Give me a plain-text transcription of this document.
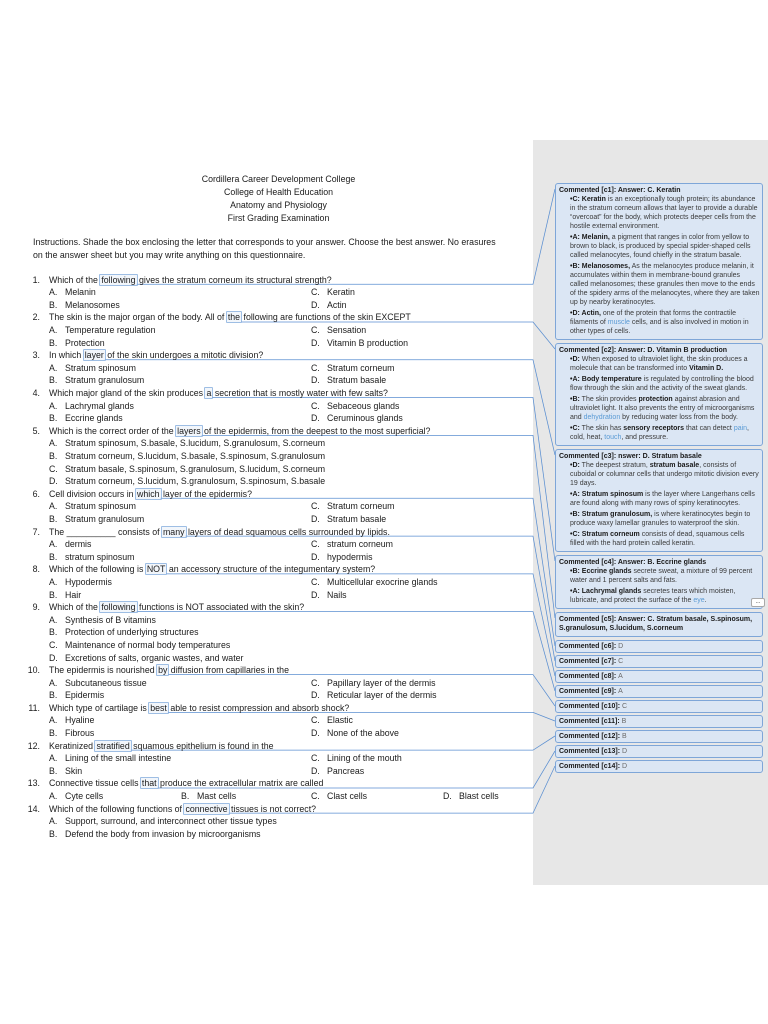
Cordillera Career Development College
College of Health Education
Anatomy and Physiology
First Grading Examination
Instructions. Shade the box enclosing the letter that corresponds to your answer. Choose the best answer. No erasures
on the answer sheet but you may write anything on this questionnaire.
1. Which of the following gives the stratum corneum its structural strength?
A. Melanin
B. Melanosomes
C. Keratin
D. Actin
2. The skin is the major organ of the body. All of the following are functions of the skin EXCEPT
A. Temperature regulation
B. Protection
C. Sensation
D. Vitamin B production
3. In which layer of the skin undergoes a mitotic division?
A. Stratum spinosum
B. Stratum granulosum
C. Stratum corneum
D. Stratum basale
4. Which major gland of the skin produces a secretion that is mostly water with few salts?
A. Lachrymal glands
B. Eccrine glands
C. Sebaceous glands
D. Ceruminous glands
5. Which is the correct order of the layers of the epidermis, from the deepest to the most superficial?
A. Stratum spinosum, S.basale, S.lucidum, S.granulosum, S.corneum
B. Stratum corneum, S.lucidum, S.basale, S.spinosum, S.granulosum
C. Stratum basale, S.spinosum, S.granulosum, S.lucidum, S.corneum
D. Stratum corneum, S.lucidum, S.granulosum, S.spinosum, S.basale
6. Cell division occurs in which layer of the epidermis?
A. Stratum spinosum
B. Stratum granulosum
C. Stratum corneum
D. Stratum basale
7. The __________ consists of many layers of dead squamous cells surrounded by lipids.
A. dermis
B. stratum spinosum
C. stratum corneum
D. hypodermis
8. Which of the following is NOT an accessory structure of the integumentary system?
A. Hypodermis
B. Hair
C. Multicellular exocrine glands
D. Nails
9. Which of the following functions is NOT associated with the skin?
A. Synthesis of B vitamins
B. Protection of underlying structures
C. Maintenance of normal body temperatures
D. Excretions of salts, organic wastes, and water
10. The epidermis is nourished by diffusion from capillaries in the
A. Subcutaneous tissue
B. Epidermis
C. Papillary layer of the dermis
D. Reticular layer of the dermis
11. Which type of cartilage is best able to resist compression and absorb shock?
A. Hyaline
B. Fibrous
C. Elastic
D. None of the above
12. Keratinized stratified squamous epithelium is found in the
A. Lining of the small intestine
B. Skin
C. Lining of the mouth
D. Pancreas
13. Connective tissue cells that produce the extracellular matrix are called
A. Cyte cells	B. Mast cells	C. Clast cells	D. Blast cells
14. Which of the following functions of connective tissues is not correct?
A. Support, surround, and interconnect other tissue types
B. Defend the body from invasion by microorganisms
Commented [c1]: Answer: C. Keratin
•C: Keratin is an exceptionally tough protein; its abundance in the stratum corneum allows that layer to provide a durable “overcoat” for the body, which protects deeper cells from the hostile external environment.
•A: Melanin, a pigment that ranges in color from yellow to brown to black, is produced by special spider-shaped cells called melanocytes, found chiefly in the stratum basale.
•B: Melanosomes, As the melanocytes produce melanin, it accumulates within them in membrane-bound granules called melanosomes; these granules then move to the ends of the spidery arms of the melanocytes, where they are taken up by nearby keratinocytes.
•D: Actin, one of the protein that forms the contractile filaments of muscle cells, and is also involved in motion in other types of cells.
Commented [c2]: Answer: D. Vitamin B production
•D: When exposed to ultraviolet light, the skin produces a molecule that can be transformed into Vitamin D.
•A: Body temperature is regulated by controlling the blood flow through the skin and the activity of the sweat glands.
•B: The skin provides protection against abrasion and ultraviolet light. It also prevents the entry of microorganisms and dehydration by reducing water loss from the body.
•C: The skin has sensory receptors that can detect pain, cold, heat, touch, and pressure.
Commented [c3]: nswer: D. Stratum basale
•D: The deepest stratum, stratum basale, consists of cuboidal or columnar cells that undergo mitotic division every 19 days.
•A: Stratum spinosum is the layer where Langerhans cells are found along with many rows of spiny keratinocytes.
•B: Stratum granulosum, is where keratinocytes begin to produce waxy lamellar granules to waterproof the skin.
•C: Stratum corneum consists of dead, squamous cells filled with the hard protein called keratin.
Commented [c4]: Answer: B. Eccrine glands
•B: Eccrine glands secrete sweat, a mixture of 99 percent water and 1 percent salts and fats.
•A: Lachrymal glands secretes tears which moisten, lubricate, and protect the surface of the eye.	...
Commented [c5]: Answer: C. Stratum basale, S.spinosum, S.granulosum, S.lucidum, S.corneum
Commented [c6]: D
Commented [c7]: C
Commented [c8]: A
Commented [c9]: A
Commented [c10]: C
Commented [c11]: B
Commented [c12]: B
Commented [c13]: D
Commented [c14]: D
